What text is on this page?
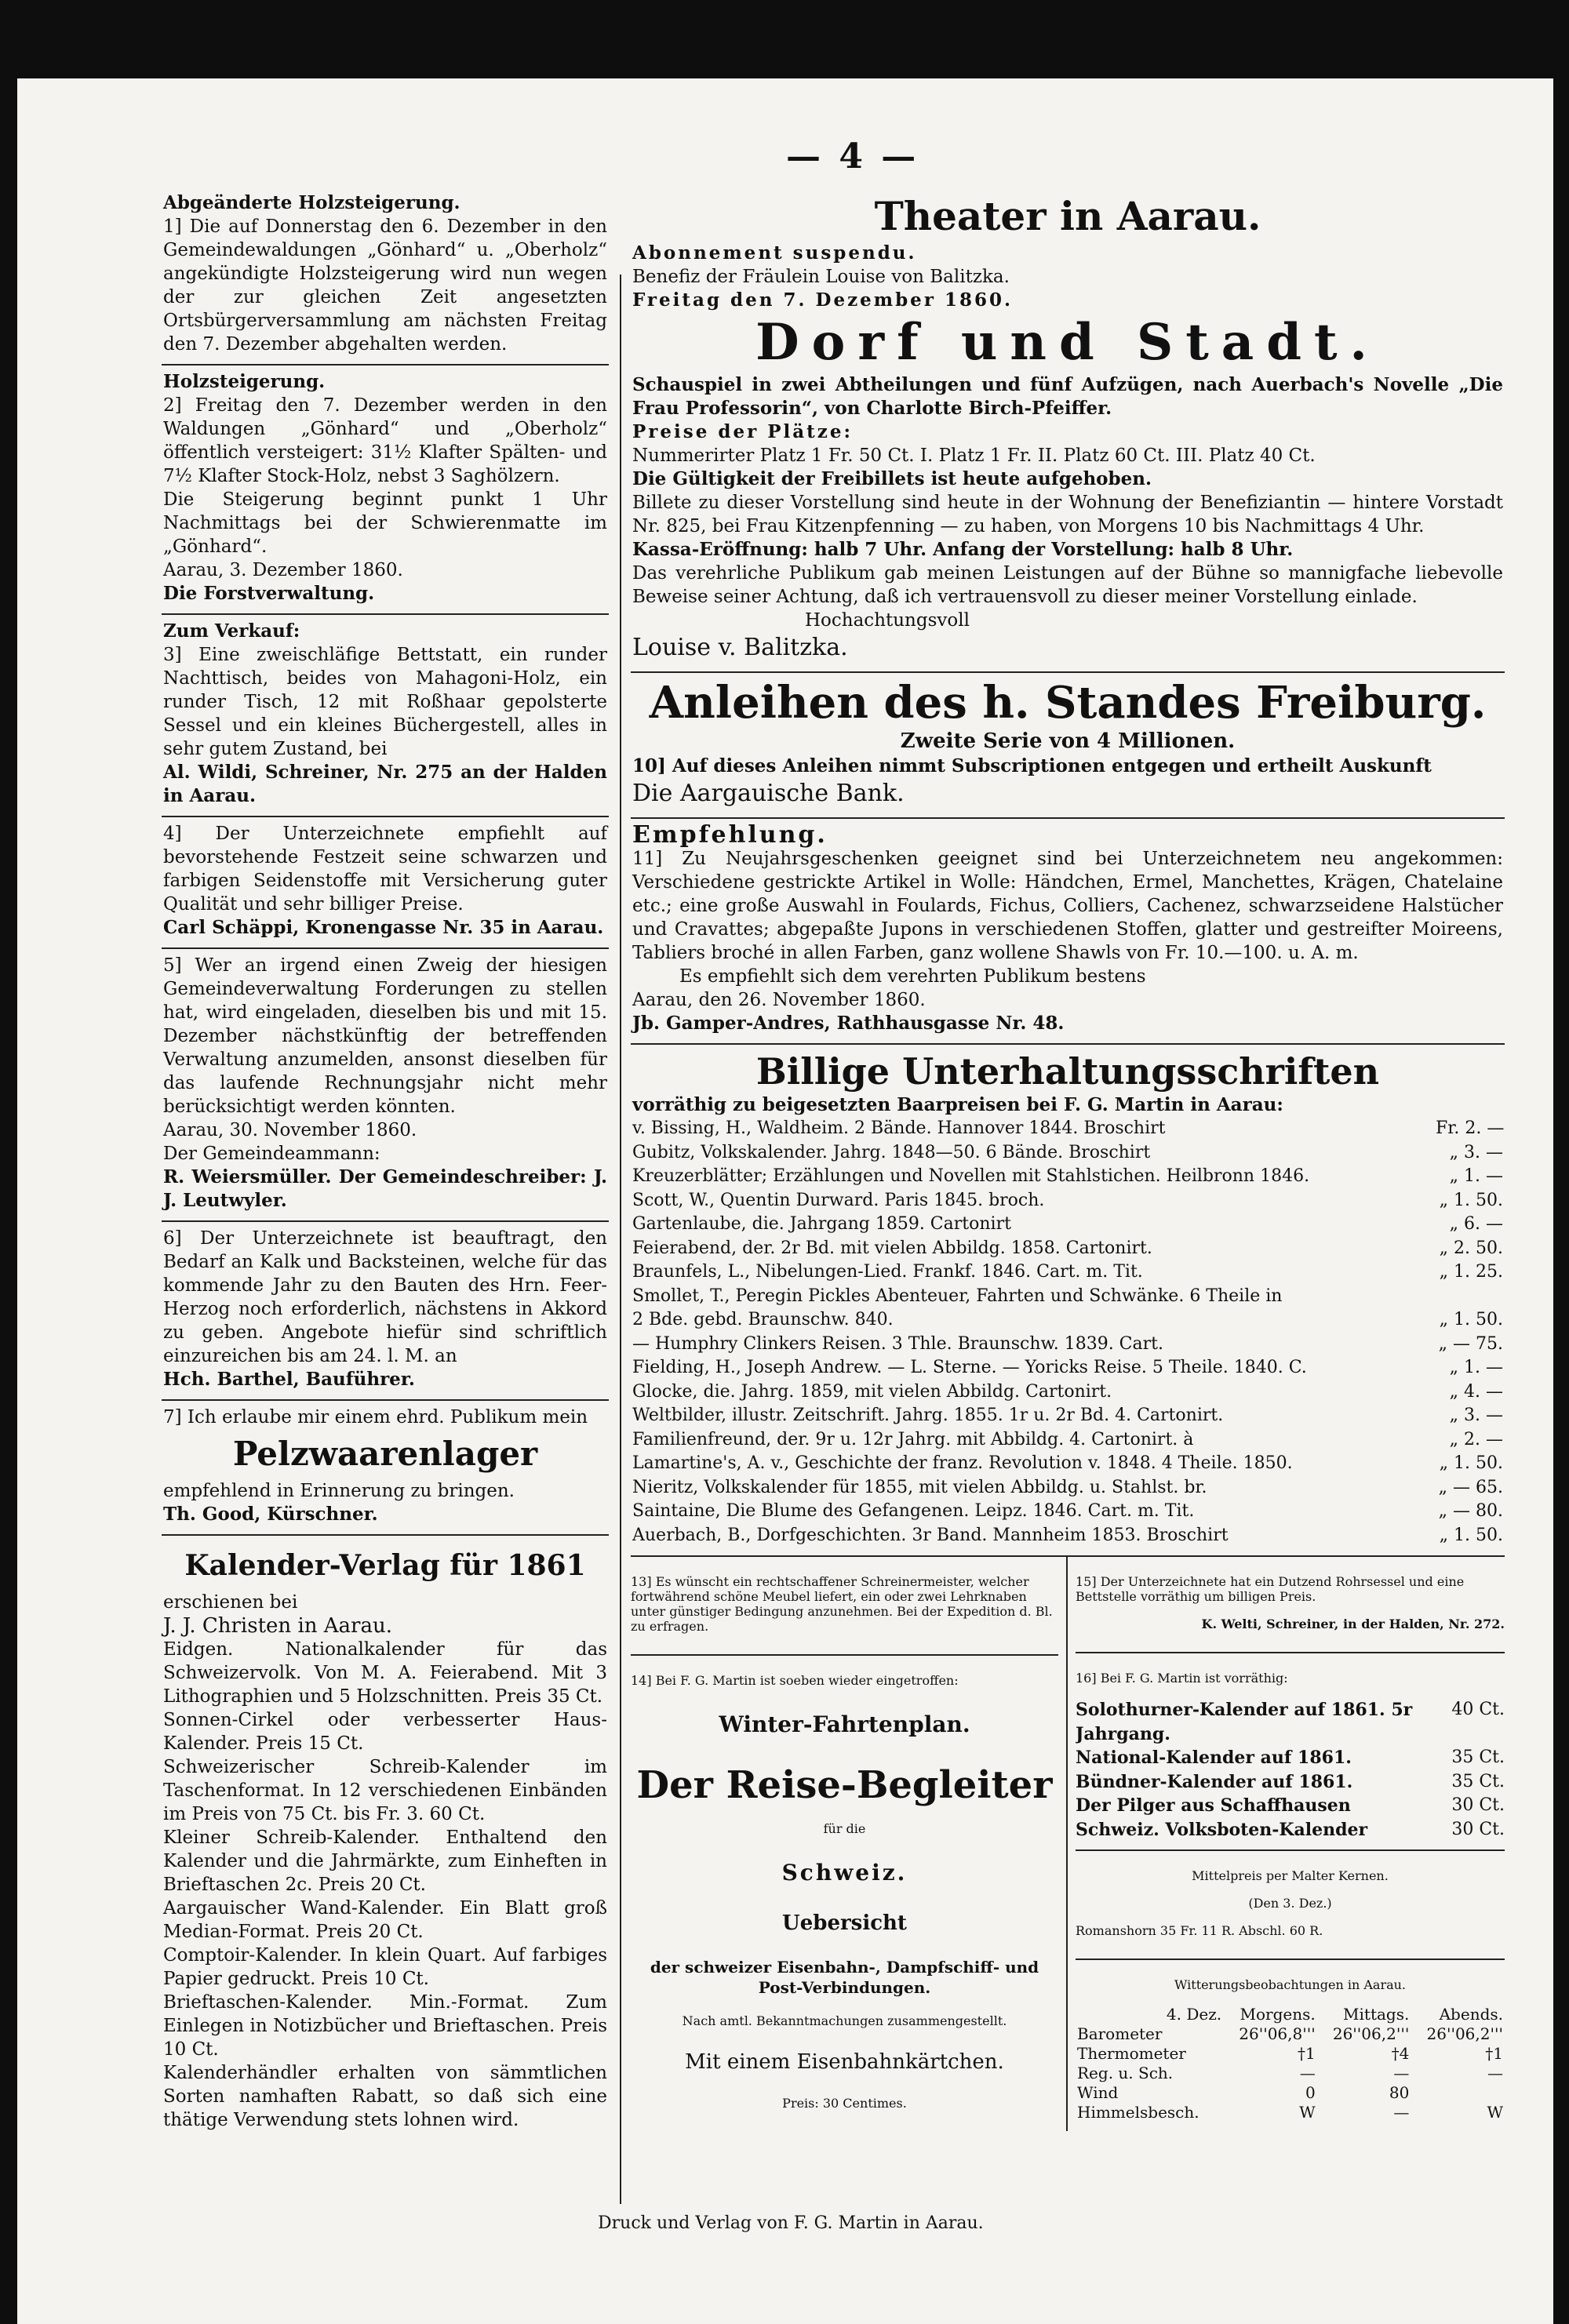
— 4 —

Abgeänderte Holzsteigerung.

1] Die auf Donnerstag den 6. Dezember in den Gemeindewaldungen „Gönhard“ u. „Oberholz“ angekündigte Holzsteigerung wird nun wegen der zur gleichen Zeit angesetzten Ortsbürgerversammlung am nächsten Freitag den 7. Dezember abgehalten werden.

Holzsteigerung.

2] Freitag den 7. Dezember werden in den Waldungen „Gönhard“ und „Oberholz“ öffentlich versteigert: 31½ Klafter Spälten- und 7½ Klafter Stock-Holz, nebst 3 Saghölzern.

Die Steigerung beginnt punkt 1 Uhr Nachmittags bei der Schwierenmatte im „Gönhard“.

Aarau, 3. Dezember 1860.

Die Forstverwaltung.

Zum Verkauf:

3] Eine zweischläfige Bettstatt, ein runder Nachttisch, beides von Mahagoni-Holz, ein runder Tisch, 12 mit Roßhaar gepolsterte Sessel und ein kleines Büchergestell, alles in sehr gutem Zustand, bei

Al. Wildi, Schreiner, Nr. 275 an der Halden in Aarau.

4] Der Unterzeichnete empfiehlt auf bevorstehende Festzeit seine schwarzen und farbigen Seidenstoffe mit Versicherung guter Qualität und sehr billiger Preise.

Carl Schäppi, Kronengasse Nr. 35 in Aarau.

5] Wer an irgend einen Zweig der hiesigen Gemeindeverwaltung Forderungen zu stellen hat, wird eingeladen, dieselben bis und mit 15. Dezember nächstkünftig der betreffenden Verwaltung anzumelden, ansonst dieselben für das laufende Rechnungsjahr nicht mehr berücksichtigt werden könnten.

Aarau, 30. November 1860.

Der Gemeindeammann:

R. Weiersmüller. Der Gemeindeschreiber: J. J. Leutwyler.

6] Der Unterzeichnete ist beauftragt, den Bedarf an Kalk und Backsteinen, welche für das kommende Jahr zu den Bauten des Hrn. Feer-Herzog noch erforderlich, nächstens in Akkord zu geben. Angebote hiefür sind schriftlich einzureichen bis am 24. l. M. an

Hch. Barthel, Bauführer.

7] Ich erlaube mir einem ehrd. Publikum mein

Pelzwaarenlager

empfehlend in Erinnerung zu bringen.

Th. Good, Kürschner.

Kalender-Verlag für 1861

erschienen bei

J. J. Christen in Aarau.

Eidgen. Nationalkalender für das Schweizervolk. Von M. A. Feierabend. Mit 3 Lithographien und 5 Holzschnitten. Preis 35 Ct.

Sonnen-Cirkel oder verbesserter Haus-Kalender. Preis 15 Ct.

Schweizerischer Schreib-Kalender im Taschenformat. In 12 verschiedenen Einbänden im Preis von 75 Ct. bis Fr. 3. 60 Ct.

Kleiner Schreib-Kalender. Enthaltend den Kalender und die Jahrmärkte, zum Einheften in Brieftaschen 2c. Preis 20 Ct.

Aargauischer Wand-Kalender. Ein Blatt groß Median-Format. Preis 20 Ct.

Comptoir-Kalender. In klein Quart. Auf farbiges Papier gedruckt. Preis 10 Ct.

Brieftaschen-Kalender. Min.-Format. Zum Einlegen in Notizbücher und Brieftaschen. Preis 10 Ct.

Kalenderhändler erhalten von sämmtlichen Sorten namhaften Rabatt, so daß sich eine thätige Verwendung stets lohnen wird.

Theater in Aarau.

Abonnement suspendu.

Benefiz der Fräulein Louise von Balitzka.

Freitag den 7. Dezember 1860.

Dorf und Stadt.

Schauspiel in zwei Abtheilungen und fünf Aufzügen, nach Auerbach's Novelle „Die Frau Professorin“, von Charlotte Birch-Pfeiffer.

Preise der Plätze:

Nummerirter Platz 1 Fr. 50 Ct. I. Platz 1 Fr. II. Platz 60 Ct. III. Platz 40 Ct.

Die Gültigkeit der Freibillets ist heute aufgehoben.

Billete zu dieser Vorstellung sind heute in der Wohnung der Benefiziantin — hintere Vorstadt Nr. 825, bei Frau Kitzenpfenning — zu haben, von Morgens 10 bis Nachmittags 4 Uhr.

Kassa-Eröffnung: halb 7 Uhr. Anfang der Vorstellung: halb 8 Uhr.

Das verehrliche Publikum gab meinen Leistungen auf der Bühne so mannigfache liebevolle Beweise seiner Achtung, daß ich vertrauensvoll zu dieser meiner Vorstellung einlade.

Hochachtungsvoll

Louise v. Balitzka.

Anleihen des h. Standes Freiburg.
Zweite Serie von 4 Millionen.

10] Auf dieses Anleihen nimmt Subscriptionen entgegen und ertheilt Auskunft

Die Aargauische Bank.

Empfehlung.

11] Zu Neujahrsgeschenken geeignet sind bei Unterzeichnetem neu angekommen: Verschiedene gestrickte Artikel in Wolle: Händchen, Ermel, Manchettes, Krägen, Chatelaine etc.; eine große Auswahl in Foulards, Fichus, Colliers, Cachenez, schwarzseidene Halstücher und Cravattes; abgepaßte Jupons in verschiedenen Stoffen, glatter und gestreifter Moireens, Tabliers broché in allen Farben, ganz wollene Shawls von Fr. 10.—100. u. A. m.

Es empfiehlt sich dem verehrten Publikum bestens

Aarau, den 26. November 1860.

Jb. Gamper-Andres, Rathhausgasse Nr. 48.

Billige Unterhaltungsschriften

vorräthig zu beigesetzten Baarpreisen bei F. G. Martin in Aarau:

v. Bissing, H., Waldheim. 2 Bände. Hannover 1844. Broschirt	Fr. 2. —
Gubitz, Volkskalender. Jahrg. 1848—50. 6 Bände. Broschirt	„ 3. —
Kreuzerblätter; Erzählungen und Novellen mit Stahlstichen. Heilbronn 1846.	„ 1. —
Scott, W., Quentin Durward. Paris 1845. broch.	„ 1. 50.
Gartenlaube, die. Jahrgang 1859. Cartonirt	„ 6. —
Feierabend, der. 2r Bd. mit vielen Abbildg. 1858. Cartonirt.	„ 2. 50.
Braunfels, L., Nibelungen-Lied. Frankf. 1846. Cart. m. Tit.	„ 1. 25.
Smollet, T., Peregin Pickles Abenteuer, Fahrten und Schwänke. 6 Theile in
2 Bde. gebd. Braunschw. 840.	„ 1. 50.
— Humphry Clinkers Reisen. 3 Thle. Braunschw. 1839. Cart.	„ — 75.
Fielding, H., Joseph Andrew. — L. Sterne. — Yoricks Reise. 5 Theile. 1840. C.	„ 1. —
Glocke, die. Jahrg. 1859, mit vielen Abbildg. Cartonirt.	„ 4. —
Weltbilder, illustr. Zeitschrift. Jahrg. 1855. 1r u. 2r Bd. 4. Cartonirt.	„ 3. —
Familienfreund, der. 9r u. 12r Jahrg. mit Abbildg. 4. Cartonirt. à	„ 2. —
Lamartine's, A. v., Geschichte der franz. Revolution v. 1848. 4 Theile. 1850.	„ 1. 50.
Nieritz, Volkskalender für 1855, mit vielen Abbildg. u. Stahlst. br.	„ — 65.
Saintaine, Die Blume des Gefangenen. Leipz. 1846. Cart. m. Tit.	„ — 80.
Auerbach, B., Dorfgeschichten. 3r Band. Mannheim 1853. Broschirt	„ 1. 50.

13] Es wünscht ein rechtschaffener Schreinermeister, welcher fortwährend schöne Meubel liefert, ein oder zwei Lehrknaben unter günstiger Bedingung anzunehmen. Bei der Expedition d. Bl. zu erfragen.

14] Bei F. G. Martin ist soeben wieder eingetroffen:

Winter-Fahrtenplan.

Der Reise-Begleiter

für die

Schweiz.

Uebersicht

der schweizer Eisenbahn-, Dampfschiff- und Post-Verbindungen.

Nach amtl. Bekanntmachungen zusammengestellt.

Mit einem Eisenbahnkärtchen.

Preis: 30 Centimes.

15] Der Unterzeichnete hat ein Dutzend Rohrsessel und eine Bettstelle vorräthig um billigen Preis.

K. Welti, Schreiner, in der Halden, Nr. 272.

16] Bei F. G. Martin ist vorräthig:

Solothurner-Kalender auf 1861. 5r Jahrgang.
40 Ct.
National-Kalender auf 1861.	35 Ct.
Bündner-Kalender auf 1861.	35 Ct.
Der Pilger aus Schaffhausen	30 Ct.
Schweiz. Volksboten-Kalender	30 Ct.

Mittelpreis per Malter Kernen.

(Den 3. Dez.)

Romanshorn 35 Fr. 11 R. Abschl. 60 R.

Witterungsbeobachtungen in Aarau.

4. Dez.	Morgens.	Mittags.	Abends.
Barometer	26''06,8'''	26''06,2'''	26''06,2'''
Thermometer	†1	†4	†1
Reg. u. Sch.	—	—	—
Wind	0	80	
Himmelsbesch.	W	—	W
Druck und Verlag von F. G. Martin in Aarau.
